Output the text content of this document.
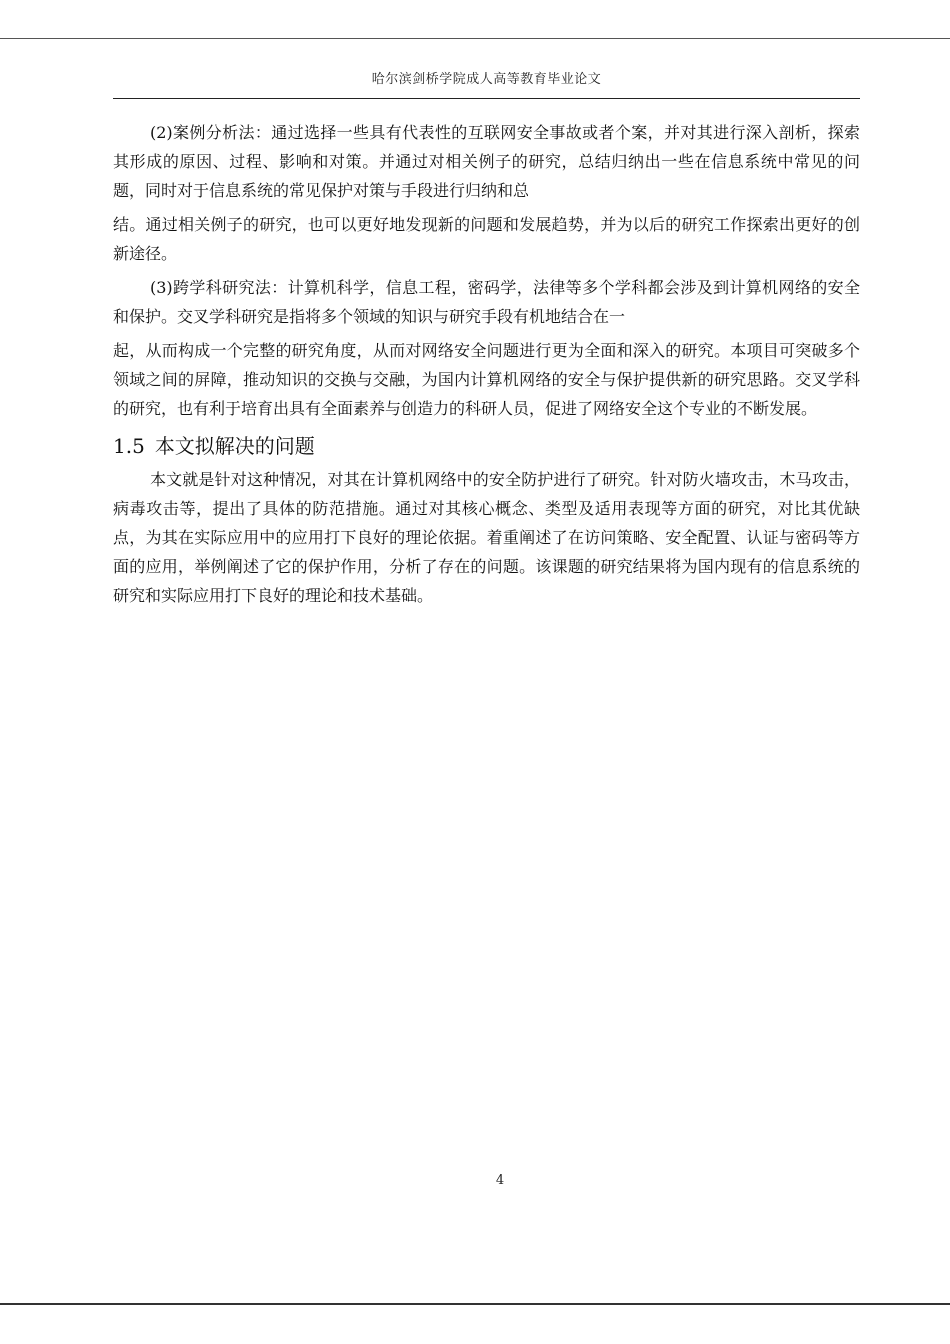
哈尔滨剑桥学院成人高等教育毕业论文

(2)案例分析法：通过选择一些具有代表性的互联网安全事故或者个案，并对其进行深入剖析，探索其形成的原因、过程、影响和对策。并通过对相关例子的研究，总结归纳出一些在信息系统中常见的问题，同时对于信息系统的常见保护对策与手段进行归纳和总

结。通过相关例子的研究，也可以更好地发现新的问题和发展趋势，并为以后的研究工作探索出更好的创新途径。

(3)跨学科研究法：计算机科学，信息工程，密码学，法律等多个学科都会涉及到计算机网络的安全和保护。交叉学科研究是指将多个领域的知识与研究手段有机地结合在一

起，从而构成一个完整的研究角度，从而对网络安全问题进行更为全面和深入的研究。本项目可突破多个领域之间的屏障，推动知识的交换与交融，为国内计算机网络的安全与保护提供新的研究思路。交叉学科的研究，也有利于培育出具有全面素养与创造力的科研人员，促进了网络安全这个专业的不断发展。

1.5 本文拟解决的问题

本文就是针对这种情况，对其在计算机网络中的安全防护进行了研究。针对防火墙攻击，木马攻击，病毒攻击等，提出了具体的防范措施。通过对其核心概念、类型及适用表现等方面的研究，对比其优缺点，为其在实际应用中的应用打下良好的理论依据。着重阐述了在访问策略、安全配置、认证与密码等方面的应用，举例阐述了它的保护作用，分析了存在的问题。该课题的研究结果将为国内现有的信息系统的研究和实际应用打下良好的理论和技术基础。

4
